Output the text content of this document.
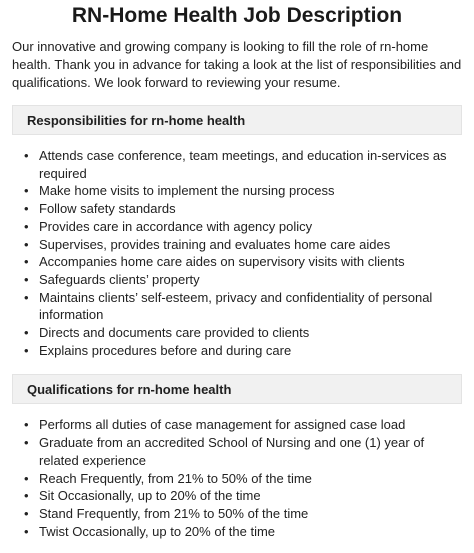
RN-Home Health Job Description

Our innovative and growing company is looking to fill the role of rn-home health. Thank you in advance for taking a look at the list of responsibilities and qualifications. We look forward to reviewing your resume.

Responsibilities for rn-home health
• Attends case conference, team meetings, and education in-services as required
• Make home visits to implement the nursing process
• Follow safety standards
• Provides care in accordance with agency policy
• Supervises, provides training and evaluates home care aides
• Accompanies home care aides on supervisory visits with clients
• Safeguards clients’ property
• Maintains clients’ self-esteem, privacy and confidentiality of personal information
• Directs and documents care provided to clients
• Explains procedures before and during care
Qualifications for rn-home health
• Performs all duties of case management for assigned case load
• Graduate from an accredited School of Nursing and one (1) year of related experience
• Reach Frequently, from 21% to 50% of the time
• Sit Occasionally, up to 20% of the time
• Stand Frequently, from 21% to 50% of the time
• Twist Occasionally, up to 20% of the time
